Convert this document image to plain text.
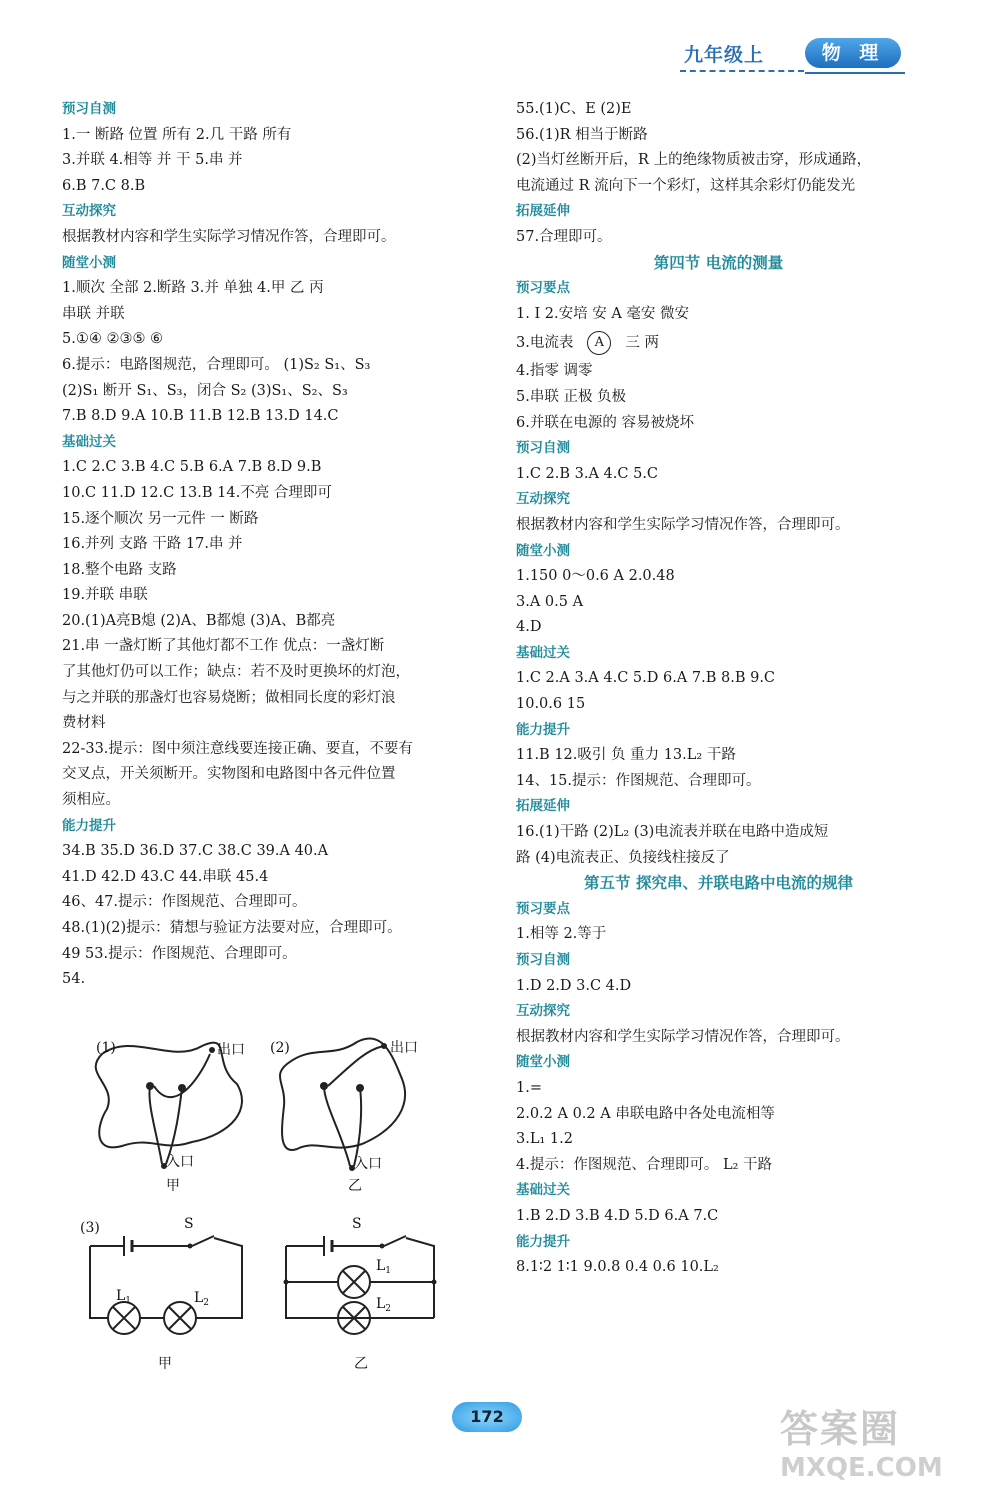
九年级上	物 理
预习自测
1.一 断路 位置 所有 2.几 干路 所有
3.并联 4.相等 并 干 5.串 并
6.B 7.C 8.B
互动探究
根据教材内容和学生实际学习情况作答，合理即可。
随堂小测
1.顺次 全部 2.断路 3.并 单独 4.甲 乙 丙
串联 并联
5.①④ ②③⑤ ⑥
6.提示：电路图规范，合理即可。 (1)S₂ S₁、S₃
(2)S₁ 断开 S₁、S₃，闭合 S₂ (3)S₁、S₂、S₃
7.B 8.D 9.A 10.B 11.B 12.B 13.D 14.C
基础过关
1.C 2.C 3.B 4.C 5.B 6.A 7.B 8.D 9.B
10.C 11.D 12.C 13.B 14.不亮 合理即可
15.逐个顺次 另一元件 一 断路
16.并列 支路 干路 17.串 并
18.整个电路 支路
19.并联 串联
20.(1)A亮B熄 (2)A、B都熄 (3)A、B都亮
21.串 一盏灯断了其他灯都不工作 优点：一盏灯断
了其他灯仍可以工作；缺点：若不及时更换坏的灯泡，
与之并联的那盏灯也容易烧断；做相同长度的彩灯浪
费材料
22-33.提示：图中须注意线要连接正确、要直，不要有
交叉点，开关须断开。实物图和电路图中各元件位置
须相应。
能力提升
34.B 35.D 36.D 37.C 38.C 39.A 40.A
41.D 42.D 43.C 44.串联 45.4
46、47.提示：作图规范、合理即可。
48.(1)(2)提示：猜想与验证方法要对应，合理即可。
49 53.提示：作图规范、合理即可。
54.
55.(1)C、E (2)E
56.(1)R 相当于断路
(2)当灯丝断开后，R 上的绝缘物质被击穿，形成通路，
电流通过 R 流向下一个彩灯，这样其余彩灯仍能发光
拓展延伸
57.合理即可。
第四节 电流的测量
预习要点
1. I 2.安培 安 A 毫安 微安
3.电流表 A 三 两
4.指零 调零
5.串联 正极 负极
6.并联在电源的 容易被烧坏
预习自测
1.C 2.B 3.A 4.C 5.C
互动探究
根据教材内容和学生实际学习情况作答，合理即可。
随堂小测
1.150 0～0.6 A 2.0.48
3.A 0.5 A
4.D
基础过关
1.C 2.A 3.A 4.C 5.D 6.A 7.B 8.B 9.C
10.0.6 15
能力提升
11.B 12.吸引 负 重力 13.L₂ 干路
14、15.提示：作图规范、合理即可。
拓展延伸
16.(1)干路 (2)L₂ (3)电流表并联在电路中造成短
路 (4)电流表正、负接线柱接反了
第五节 探究串、并联电路中电流的规律
预习要点
1.相等 2.等于
预习自测
1.D 2.D 3.C 4.D
互动探究
根据教材内容和学生实际学习情况作答，合理即可。
随堂小测
1.=
2.0.2 A 0.2 A 串联电路中各处电流相等
3.L₁ 1.2
4.提示：作图规范、合理即可。 L₂ 干路
基础过关
1.B 2.D 3.B 4.D 5.D 6.A 7.C
能力提升
8.1∶2 1∶1 9.0.8 0.4 0.6 10.L₂
(1)	(2)
出口	出口
入口	入口
甲	乙
(3)	S	S
$L_1$	$L_2$
$L_1$
$L_2$
甲	乙
172	答案圈
MXQE.COM
